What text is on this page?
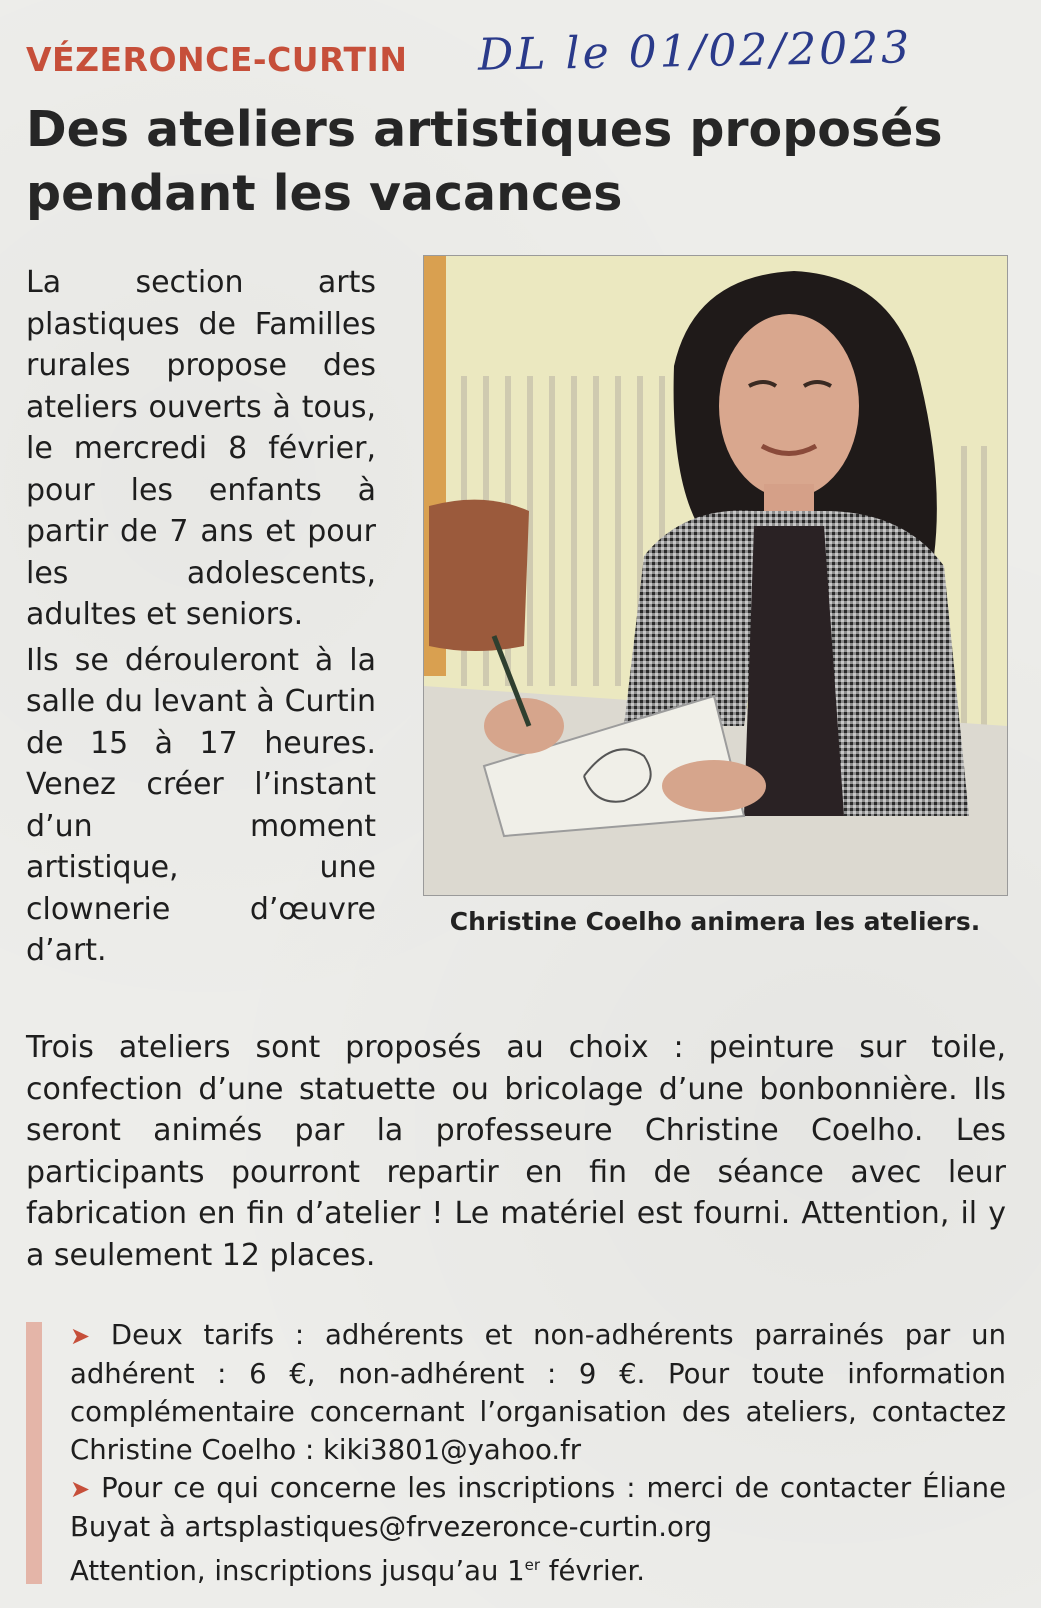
VÉZERONCE-CURTIN DL le 01/02/2023
Des ateliers artistiques proposés pendant les vacances

La section arts plastiques de Familles rurales propose des ateliers ouverts à tous, le mercredi 8 février, pour les enfants à partir de 7 ans et pour les adolescents, adultes et seniors.

Ils se dérouleront à la salle du levant à Curtin de 15 à 17 heures. Venez créer l’instant d’un moment artistique, une clownerie d’œuvre d’art.

Christine Coelho animera les ateliers.

Trois ateliers sont proposés au choix : peinture sur toile, confection d’une statuette ou bricolage d’une bonbonnière. Ils seront animés par la professeure Christine Coelho. Les participants pourront repartir en fin de séance avec leur fabrication en fin d’atelier ! Le matériel est fourni. Attention, il y a seulement 12 places.

➤ Deux tarifs : adhérents et non-adhérents parrainés par un adhérent : 6 €, non-adhérent : 9 €. Pour toute information complémentaire concernant l’organisation des ateliers, contactez Christine Coelho : kiki3801@yahoo.fr

➤ Pour ce qui concerne les inscriptions : merci de contacter Éliane Buyat à artsplastiques@frvezeronce-curtin.org

Attention, inscriptions jusqu’au 1er février.
